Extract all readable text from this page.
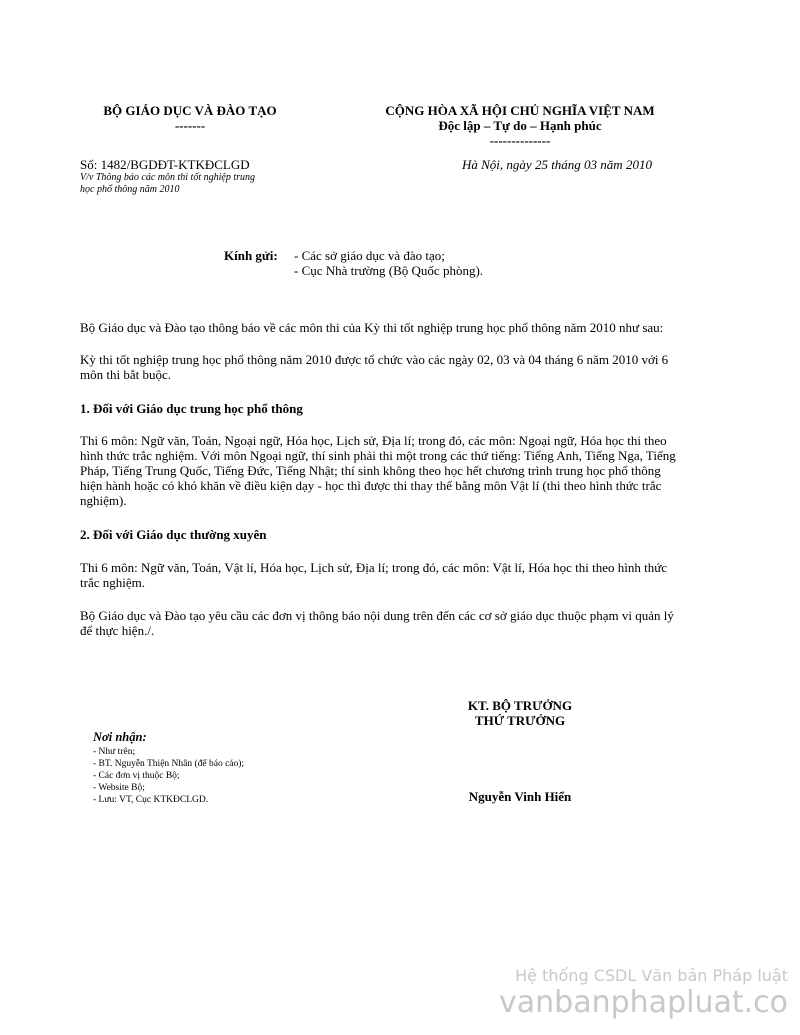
BỘ GIÁO DỤC VÀ ĐÀO TẠO
-------
CỘNG HÒA XÃ HỘI CHỦ NGHĨA VIỆT NAM
Độc lập – Tự do – Hạnh phúc
--------------
Số: 1482/BGDĐT-KTKĐCLGD
V/v Thông báo các môn thi tốt nghiệp trung
học phổ thông năm 2010
Hà Nội, ngày 25 tháng 03 năm 2010
Kính gửi: - Các sở giáo dục và đào tạo;
- Cục Nhà trường (Bộ Quốc phòng).
Bộ Giáo dục và Đào tạo thông báo về các môn thi của Kỳ thi tốt nghiệp trung học phổ thông năm 2010 như sau:
Kỳ thi tốt nghiệp trung học phổ thông năm 2010 được tổ chức vào các ngày 02, 03 và 04 tháng 6 năm 2010 với 6
môn thi bắt buộc.
1. Đối với Giáo dục trung học phổ thông
Thi 6 môn: Ngữ văn, Toán, Ngoại ngữ, Hóa học, Lịch sử, Địa lí; trong đó, các môn: Ngoại ngữ, Hóa học thi theo
hình thức trắc nghiệm. Với môn Ngoại ngữ, thí sinh phải thi một trong các thứ tiếng: Tiếng Anh, Tiếng Nga, Tiếng
Pháp, Tiếng Trung Quốc, Tiếng Đức, Tiếng Nhật; thí sinh không theo học hết chương trình trung học phổ thông
hiện hành hoặc có khó khăn về điều kiện dạy - học thì được thi thay thế bằng môn Vật lí (thi theo hình thức trắc
nghiệm).
2. Đối với Giáo dục thường xuyên
Thi 6 môn: Ngữ văn, Toán, Vật lí, Hóa học, Lịch sử, Địa lí; trong đó, các môn: Vật lí, Hóa học thi theo hình thức
trắc nghiệm.
Bộ Giáo dục và Đào tạo yêu cầu các đơn vị thông báo nội dung trên đến các cơ sở giáo dục thuộc phạm vi quản lý
để thực hiện./.
KT. BỘ TRƯỞNG
THỨ TRƯỞNG
Nguyễn Vinh Hiển
Nơi nhận:
- Như trên;
- BT. Nguyễn Thiện Nhân (để báo cáo);
- Các đơn vị thuộc Bộ;
- Website Bộ;
- Lưu: VT, Cục KTKĐCLGD.
Hệ thống CSDL Văn bản Pháp luật
vanbanphapluat.co
